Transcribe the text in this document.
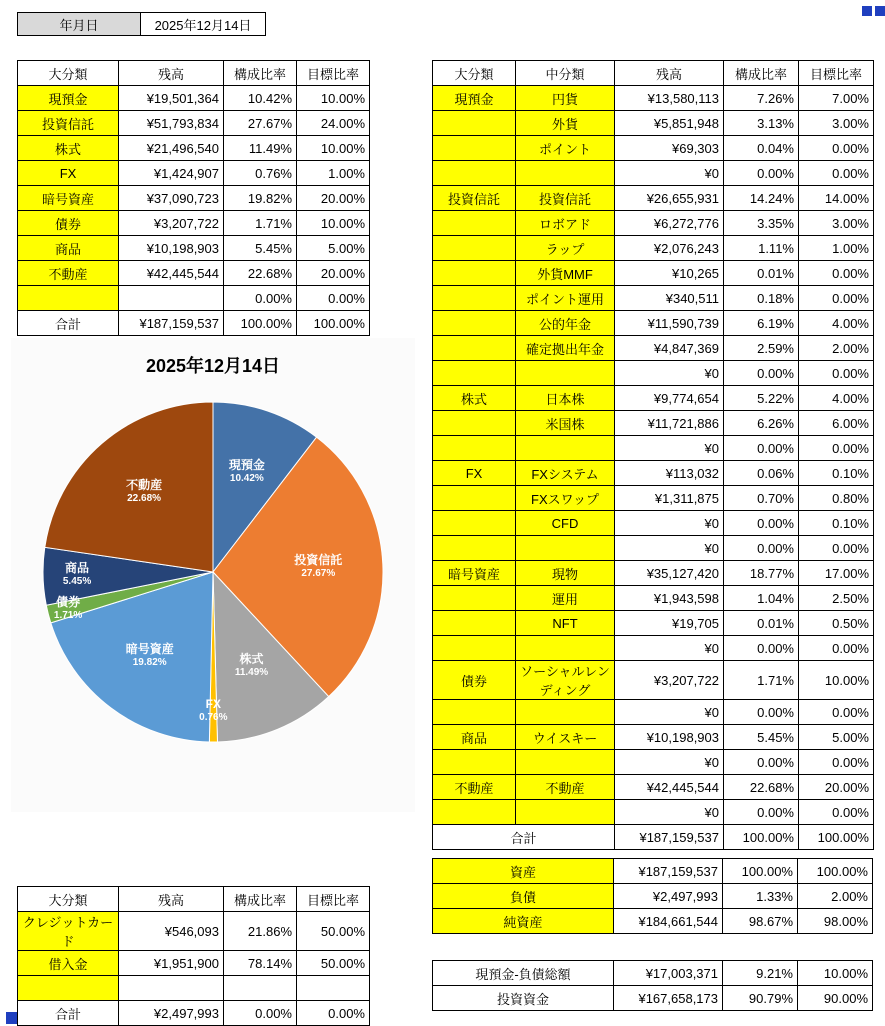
年月日	2025年12月14日
大分類	残高	構成比率	目標比率
現預金	¥19,501,364	10.42%	10.00%
投資信託	¥51,793,834	27.67%	24.00%
株式	¥21,496,540	11.49%	10.00%
FX	¥1,424,907	0.76%	1.00%
暗号資産	¥37,090,723	19.82%	20.00%
債券	¥3,207,722	1.71%	10.00%
商品	¥10,198,903	5.45%	5.00%
不動産	¥42,445,544	22.68%	20.00%
		0.00%	0.00%
合計	¥187,159,537	100.00%	100.00%
2025年12月14日
現預金
10.42%
投資信託
27.67%
株式
11.49%
FX
0.76%
暗号資産
19.82%
債券
1.71%
商品
5.45%
不動産
22.68%
大分類	中分類	残高	構成比率	目標比率
現預金	円貨	¥13,580,113	7.26%	7.00%
	外貨	¥5,851,948	3.13%	3.00%
	ポイント	¥69,303	0.04%	0.00%
		¥0	0.00%	0.00%
投資信託	投資信託	¥26,655,931	14.24%	14.00%
	ロボアド	¥6,272,776	3.35%	3.00%
	ラップ	¥2,076,243	1.11%	1.00%
	外貨MMF	¥10,265	0.01%	0.00%
	ポイント運用	¥340,511	0.18%	0.00%
	公的年金	¥11,590,739	6.19%	4.00%
	確定拠出年金	¥4,847,369	2.59%	2.00%
		¥0	0.00%	0.00%
株式	日本株	¥9,774,654	5.22%	4.00%
	米国株	¥11,721,886	6.26%	6.00%
		¥0	0.00%	0.00%
FX	FXシステム	¥113,032	0.06%	0.10%
	FXスワップ	¥1,311,875	0.70%	0.80%
	CFD	¥0	0.00%	0.10%
		¥0	0.00%	0.00%
暗号資産	現物	¥35,127,420	18.77%	17.00%
	運用	¥1,943,598	1.04%	2.50%
	NFT	¥19,705	0.01%	0.50%
		¥0	0.00%	0.00%
債券	ソーシャルレンディング	¥3,207,722	1.71%	10.00%
		¥0	0.00%	0.00%
商品	ウイスキー	¥10,198,903	5.45%	5.00%
		¥0	0.00%	0.00%
不動産	不動産	¥42,445,544	22.68%	20.00%
		¥0	0.00%	0.00%
合計		¥187,159,537	100.00%	100.00%
大分類	残高	構成比率	目標比率
クレジットカード	¥546,093	21.86%	50.00%
借入金	¥1,951,900	78.14%	50.00%

合計	¥2,497,993	0.00%	0.00%
資産	¥187,159,537	100.00%	100.00%
負債	¥2,497,993	1.33%	2.00%
純資産	¥184,661,544	98.67%	98.00%
現預金-負債総額	¥17,003,371	9.21%	10.00%
投資資金	¥167,658,173	90.79%	90.00%
